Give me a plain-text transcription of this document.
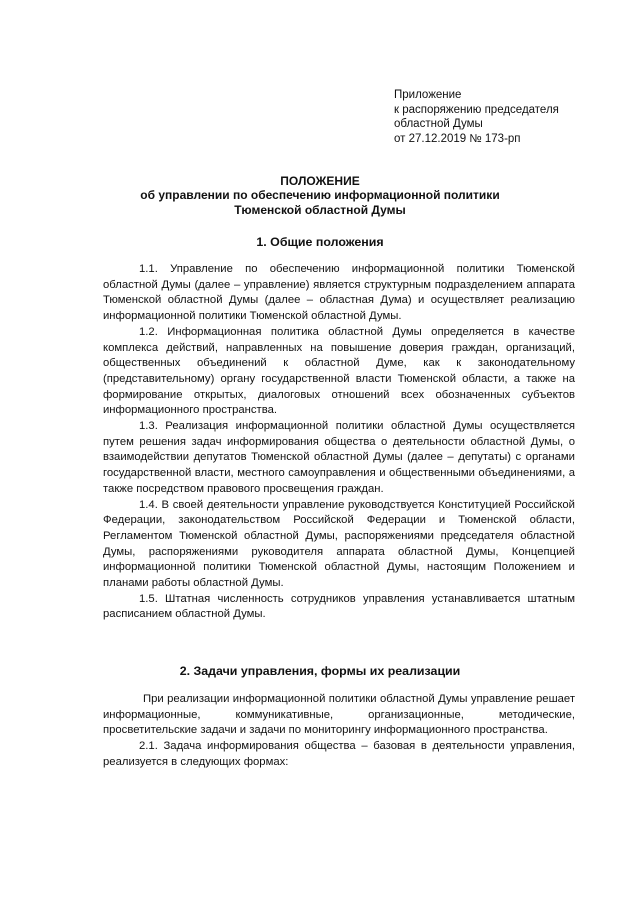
Приложение
к распоряжению председателя
областной Думы
от 27.12.2019 № 173-рп
ПОЛОЖЕНИЕ
об управлении по обеспечению информационной политики
Тюменской областной Думы
1. Общие положения

1.1. Управление по обеспечению информационной политики Тюменской областной Думы (далее – управление) является структурным подразделением аппарата Тюменской областной Думы (далее – областная Дума) и осуществляет реализацию информационной политики Тюменской областной Думы.

1.2. Информационная политика областной Думы определяется в качестве комплекса действий, направленных на повышение доверия граждан, организаций, общественных объединений к областной Думе, как к законодательному (представительному) органу государственной власти Тюменской области, а также на формирование открытых, диалоговых отношений всех обозначенных субъектов информационного пространства.

1.3. Реализация информационной политики областной Думы осуществляется путем решения задач информирования общества о деятельности областной Думы, о взаимодействии депутатов Тюменской областной Думы (далее – депутаты) с органами государственной власти, местного самоуправления и общественными объединениями, а также посредством правового просвещения граждан.

1.4. В своей деятельности управление руководствуется Конституцией Российской Федерации, законодательством Российской Федерации и Тюменской области, Регламентом Тюменской областной Думы, распоряжениями председателя областной Думы, распоряжениями руководителя аппарата областной Думы, Концепцией информационной политики Тюменской областной Думы, настоящим Положением и планами работы областной Думы.

1.5. Штатная численность сотрудников управления устанавливается штатным расписанием областной Думы.

2. Задачи управления, формы их реализации

При реализации информационной политики областной Думы управление решает информационные, коммуникативные, организационные, методические, просветительские задачи и задачи по мониторингу информационного пространства.

2.1. Задача информирования общества – базовая в деятельности управления, реализуется в следующих формах:
